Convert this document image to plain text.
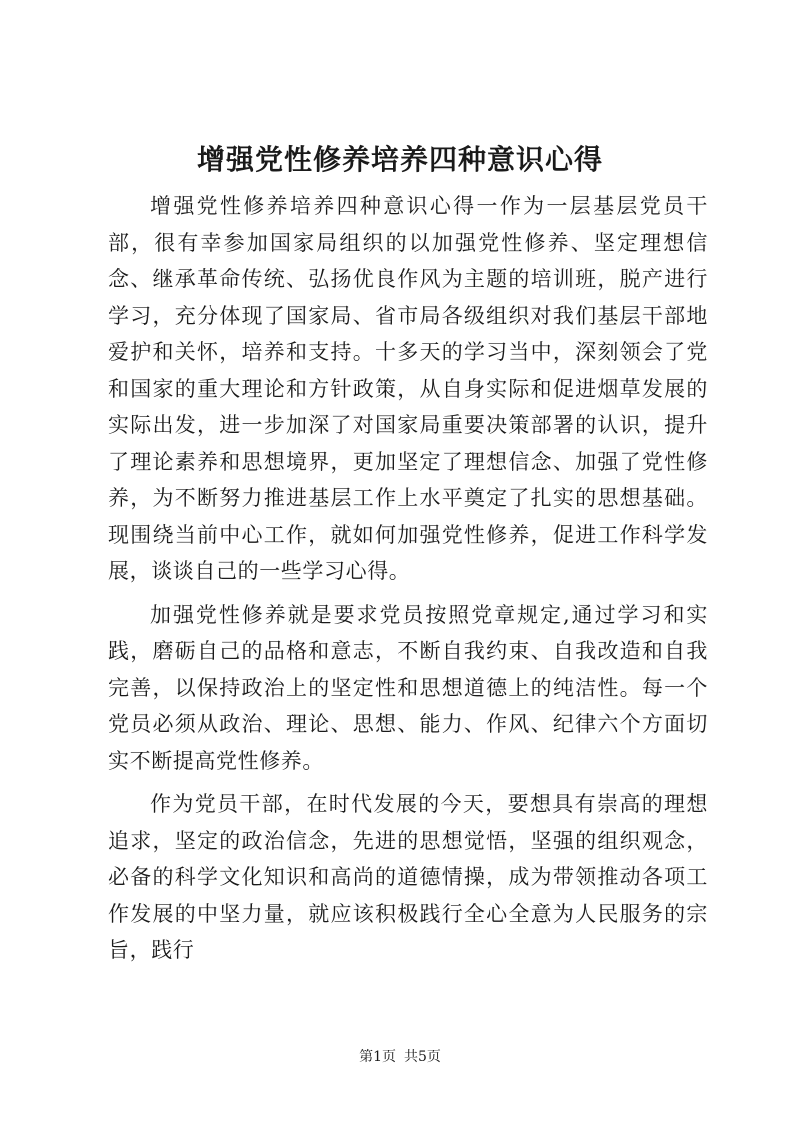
增强党性修养培养四种意识心得

增强党性修养培养四种意识心得一作为一层基层党员干部，很有幸参加国家局组织的以加强党性修养、坚定理想信念、继承革命传统、弘扬优良作风为主题的培训班，脱产进行学习，充分体现了国家局、省市局各级组织对我们基层干部地爱护和关怀，培养和支持。十多天的学习当中，深刻领会了党和国家的重大理论和方针政策，从自身实际和促进烟草发展的实际出发，进一步加深了对国家局重要决策部署的认识，提升了理论素养和思想境界，更加坚定了理想信念、加强了党性修养，为不断努力推进基层工作上水平奠定了扎实的思想基础。现围绕当前中心工作，就如何加强党性修养，促进工作科学发展，谈谈自己的一些学习心得。

加强党性修养就是要求党员按照党章规定,通过学习和实践，磨砺自己的品格和意志，不断自我约束、自我改造和自我完善，以保持政治上的坚定性和思想道德上的纯洁性。每一个党员必须从政治、理论、思想、能力、作风、纪律六个方面切实不断提高党性修养。

作为党员干部，在时代发展的今天，要想具有崇高的理想追求，坚定的政治信念，先进的思想觉悟，坚强的组织观念，必备的科学文化知识和高尚的道德情操，成为带领推动各项工作发展的中坚力量，就应该积极践行全心全意为人民服务的宗旨，践行

第1页 共5页
